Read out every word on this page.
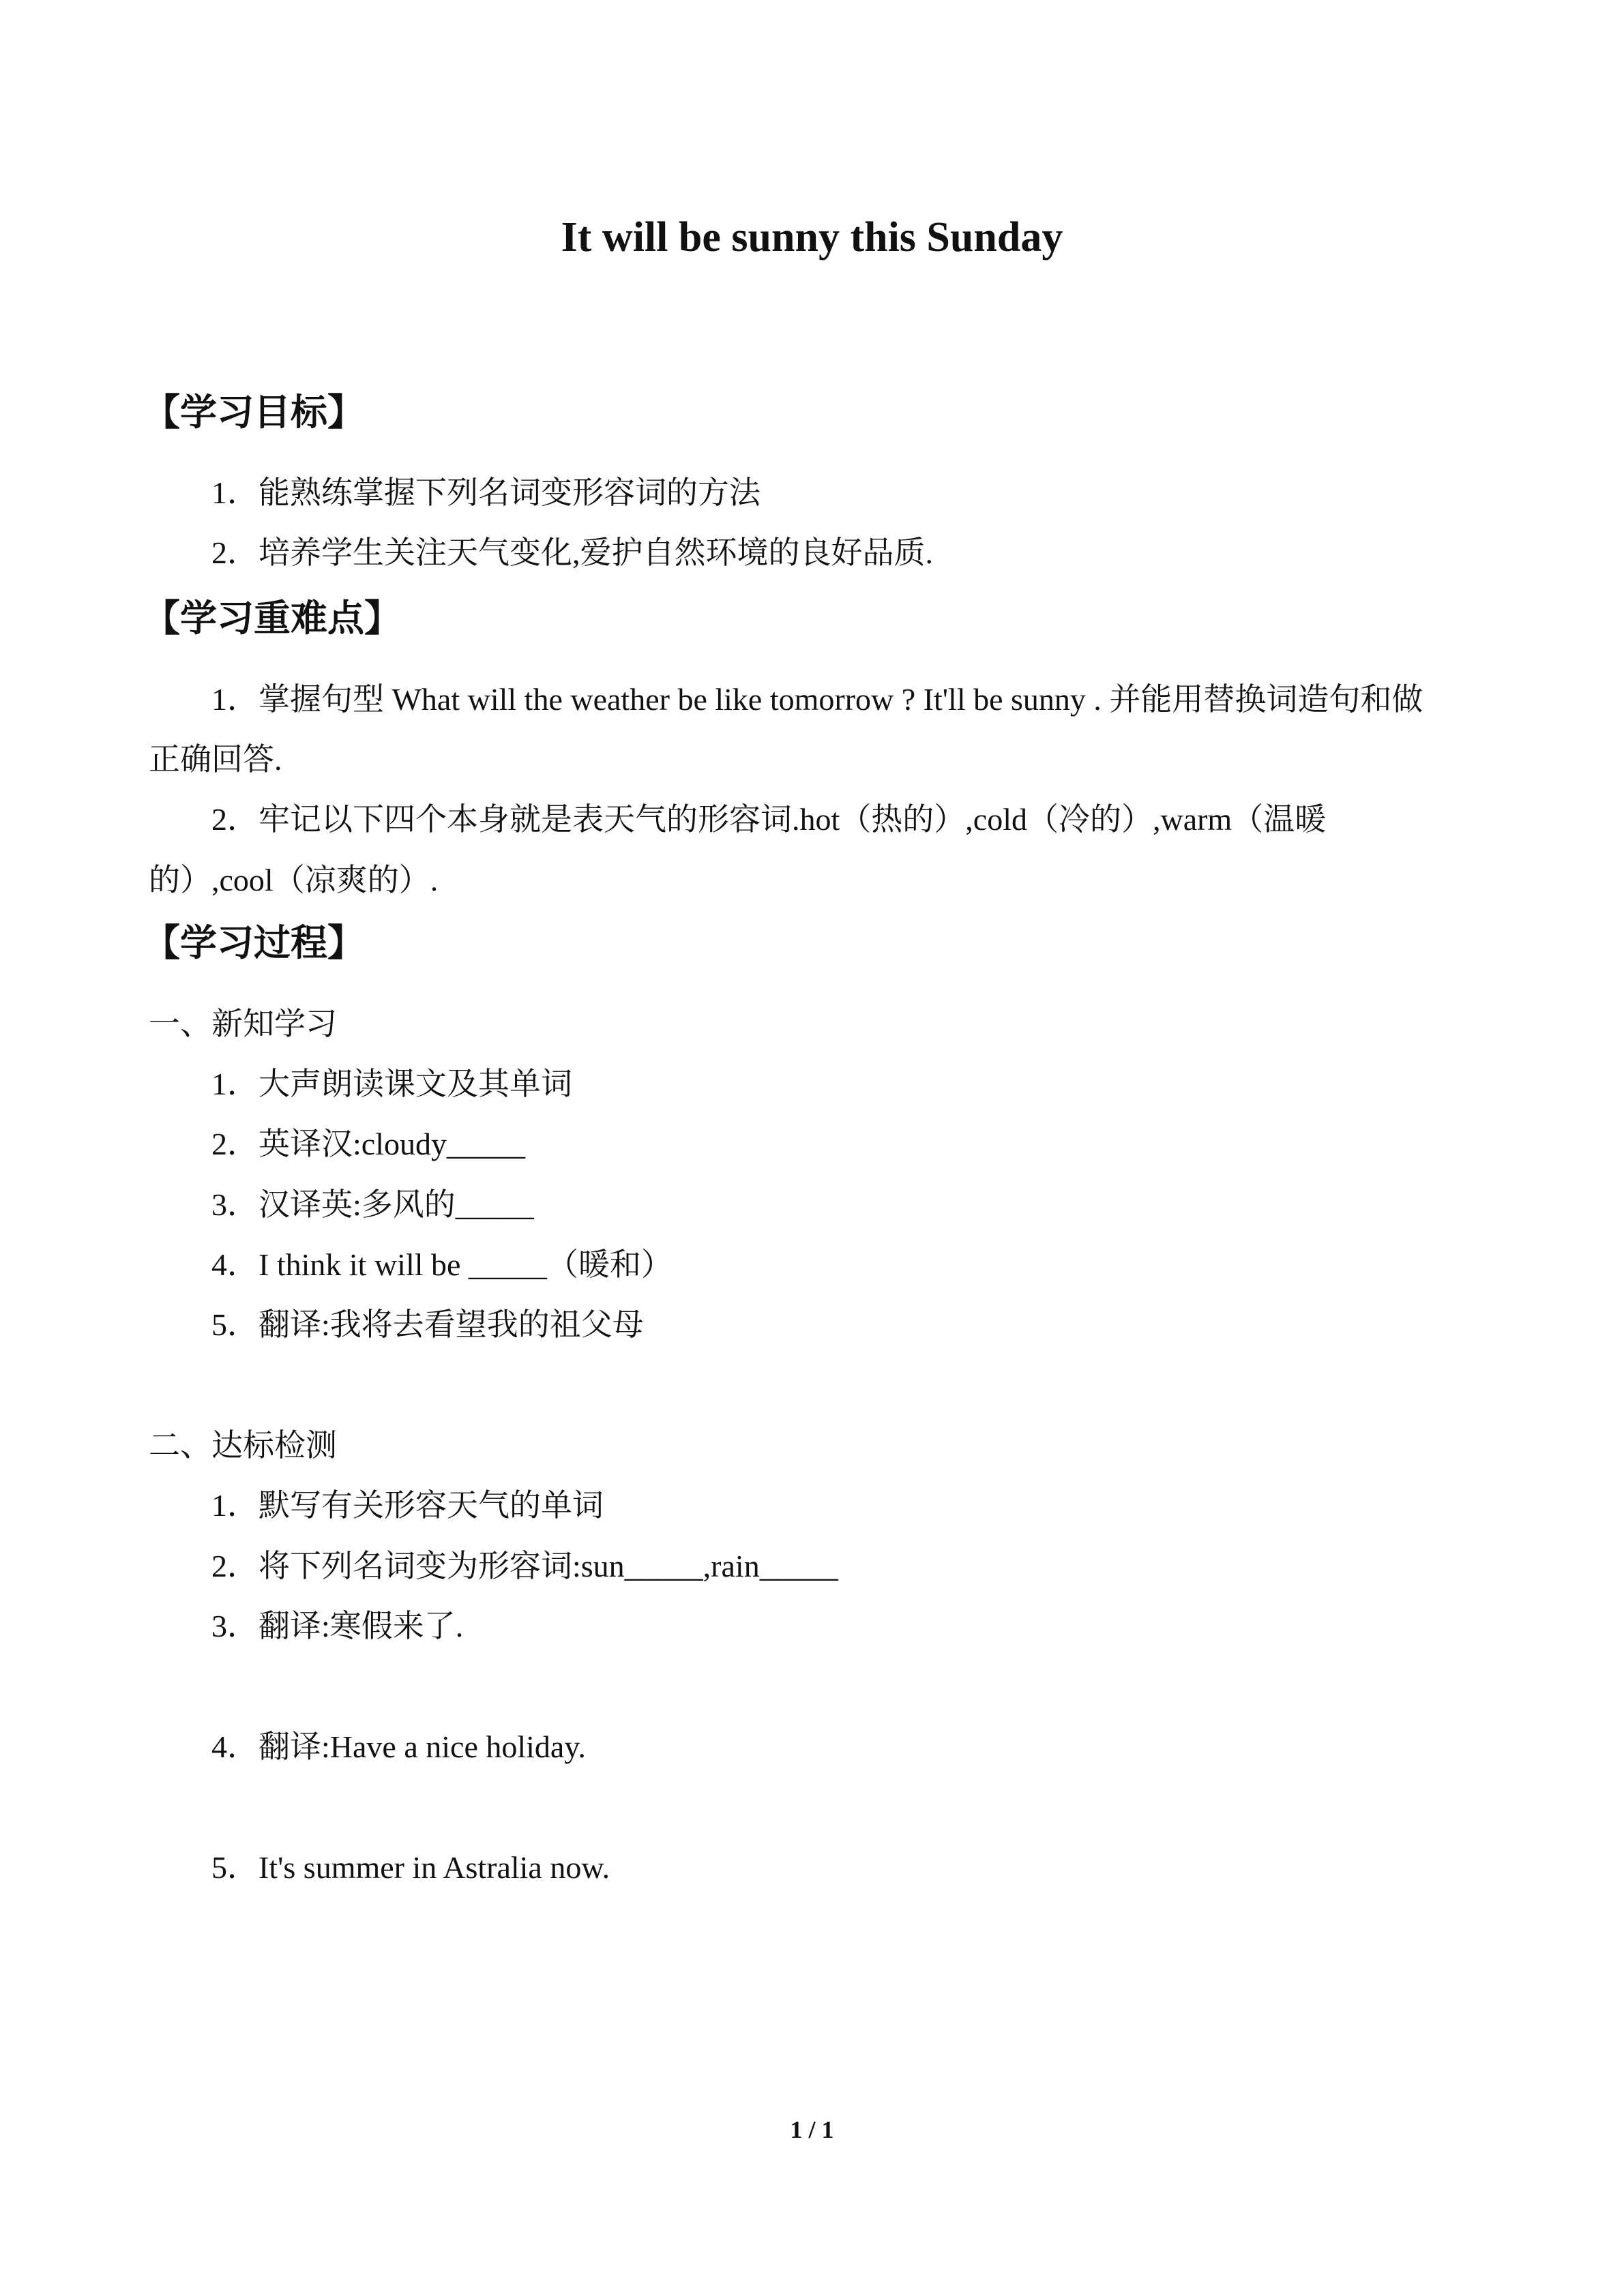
It will be sunny this Sunday
【学习目标】
1．能熟练掌握下列名词变形容词的方法
2．培养学生关注天气变化,爱护自然环境的良好品质.
【学习重难点】
1．掌握句型 What will the weather be like tomorrow ? It'll be sunny . 并能用替换词造句和做
正确回答.
2．牢记以下四个本身就是表天气的形容词.hot（热的）,cold（冷的）,warm（温暖
的）,cool（凉爽的）.
【学习过程】
一、新知学习
1．大声朗读课文及其单词
2．英译汉:cloudy_____
3．汉译英:多风的_____
4．I think it will be _____（暖和）
5．翻译:我将去看望我的祖父母
二、达标检测
1．默写有关形容天气的单词
2．将下列名词变为形容词:sun_____,rain_____
3．翻译:寒假来了.
4．翻译:Have a nice holiday.
5．It's summer in Astralia now.
1 / 1
